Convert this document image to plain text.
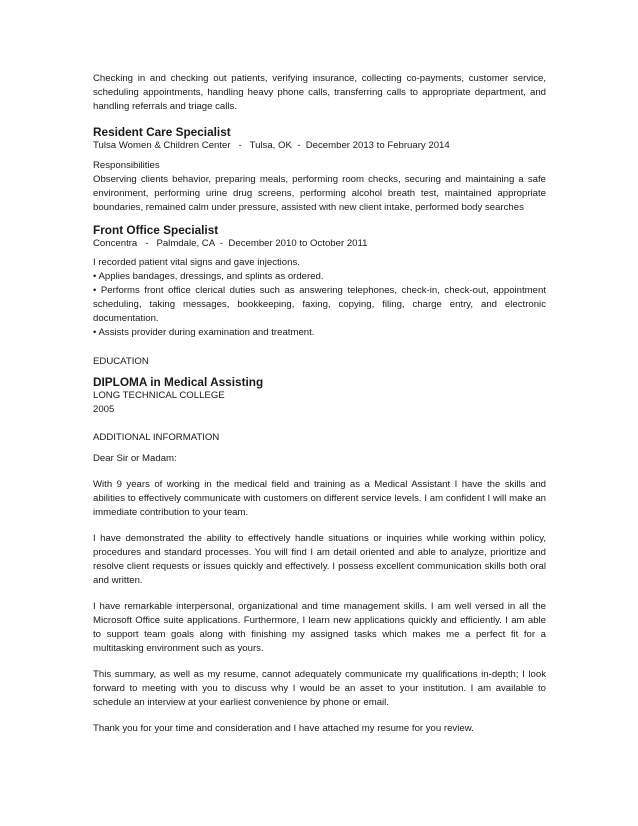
Checking in and checking out patients, verifying insurance, collecting co-payments, customer service, scheduling appointments, handling heavy phone calls, transferring calls to appropriate department, and handling referrals and triage calls.

Resident Care Specialist

Tulsa Women & Children Center   -   Tulsa, OK  -  December 2013 to February 2014

Responsibilities

Observing clients behavior, preparing meals, performing room checks, securing and maintaining a safe environment, performing urine drug screens, performing alcohol breath test, maintained appropriate boundaries, remained calm under pressure, assisted with new client intake, performed body searches

Front Office Specialist

Concentra   -   Palmdale, CA  -  December 2010 to October 2011

I recorded patient vital signs and gave injections.

• Applies bandages, dressings, and splints as ordered.

• Performs front office clerical duties such as answering telephones, check-in, check-out, appointment scheduling, taking messages, bookkeeping, faxing, copying, filing, charge entry, and electronic documentation.

• Assists provider during examination and treatment.

EDUCATION

DIPLOMA in Medical Assisting

LONG TECHNICAL COLLEGE

2005

ADDITIONAL INFORMATION

Dear Sir or Madam:

With 9 years of working in the medical field and training as a Medical Assistant I have the skills and abilities to effectively communicate with customers on different service levels. I am confident I will make an immediate contribution to your team.

I have demonstrated the ability to effectively handle situations or inquiries while working within policy, procedures and standard processes. You will find I am detail oriented and able to analyze, prioritize and resolve client requests or issues quickly and effectively. I possess excellent communication skills both oral and written.

I have remarkable interpersonal, organizational and time management skills. I am well versed in all the Microsoft Office suite applications. Furthermore, I learn new applications quickly and efficiently. I am able to support team goals along with finishing my assigned tasks which makes me a perfect fit for a multitasking environment such as yours.

This summary, as well as my resume, cannot adequately communicate my qualifications in-depth; I look forward to meeting with you to discuss why I would be an asset to your institution. I am available to schedule an interview at your earliest convenience by phone or email.

Thank you for your time and consideration and I have attached my resume for you review.
